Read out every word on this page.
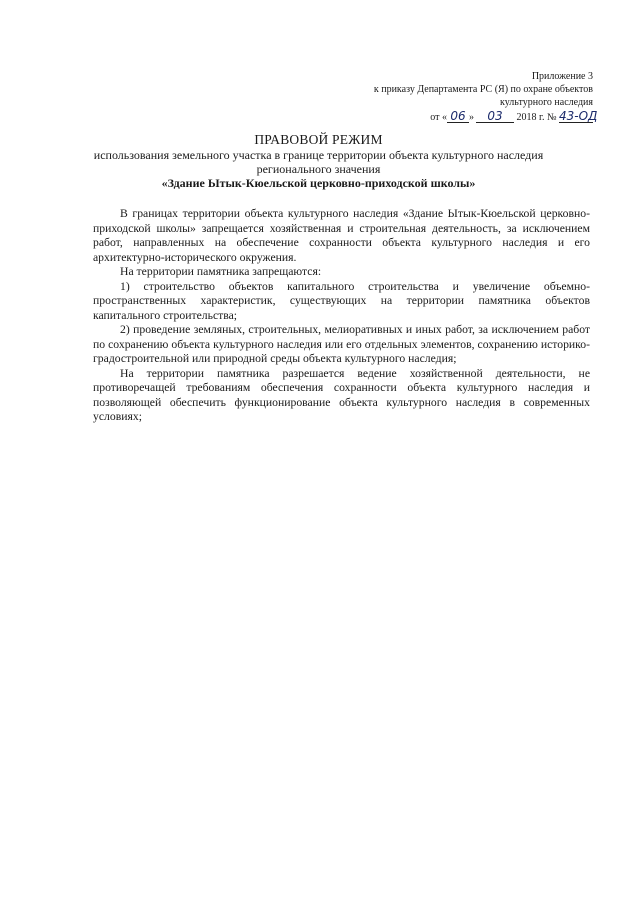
Приложение 3
к приказу Департамента РС (Я) по охране объектов
культурного наследия
от « 06 » 03 2018 г. № 43-ОД
ПРАВОВОЙ РЕЖИМ
использования земельного участка в границе территории объекта культурного наследия
регионального значения
«Здание Ытык-Кюельской церковно-приходской школы»

В границах территории объекта культурного наследия «Здание Ытык-Кюельской церковно-приходской школы» запрещается хозяйственная и строительная деятельность, за исключением работ, направленных на обеспечение сохранности объекта культурного наследия и его архитектурно-исторического окружения.

На территории памятника запрещаются:

1) строительство объектов капитального строительства и увеличение объемно-пространственных характеристик, существующих на территории памятника объектов капитального строительства;

2) проведение земляных, строительных, мелиоративных и иных работ, за исключением работ по сохранению объекта культурного наследия или его отдельных элементов, сохранению историко-градостроительной или природной среды объекта культурного наследия;

На территории памятника разрешается ведение хозяйственной деятельности, не противоречащей требованиям обеспечения сохранности объекта культурного наследия и позволяющей обеспечить функционирование объекта культурного наследия в современных условиях;
